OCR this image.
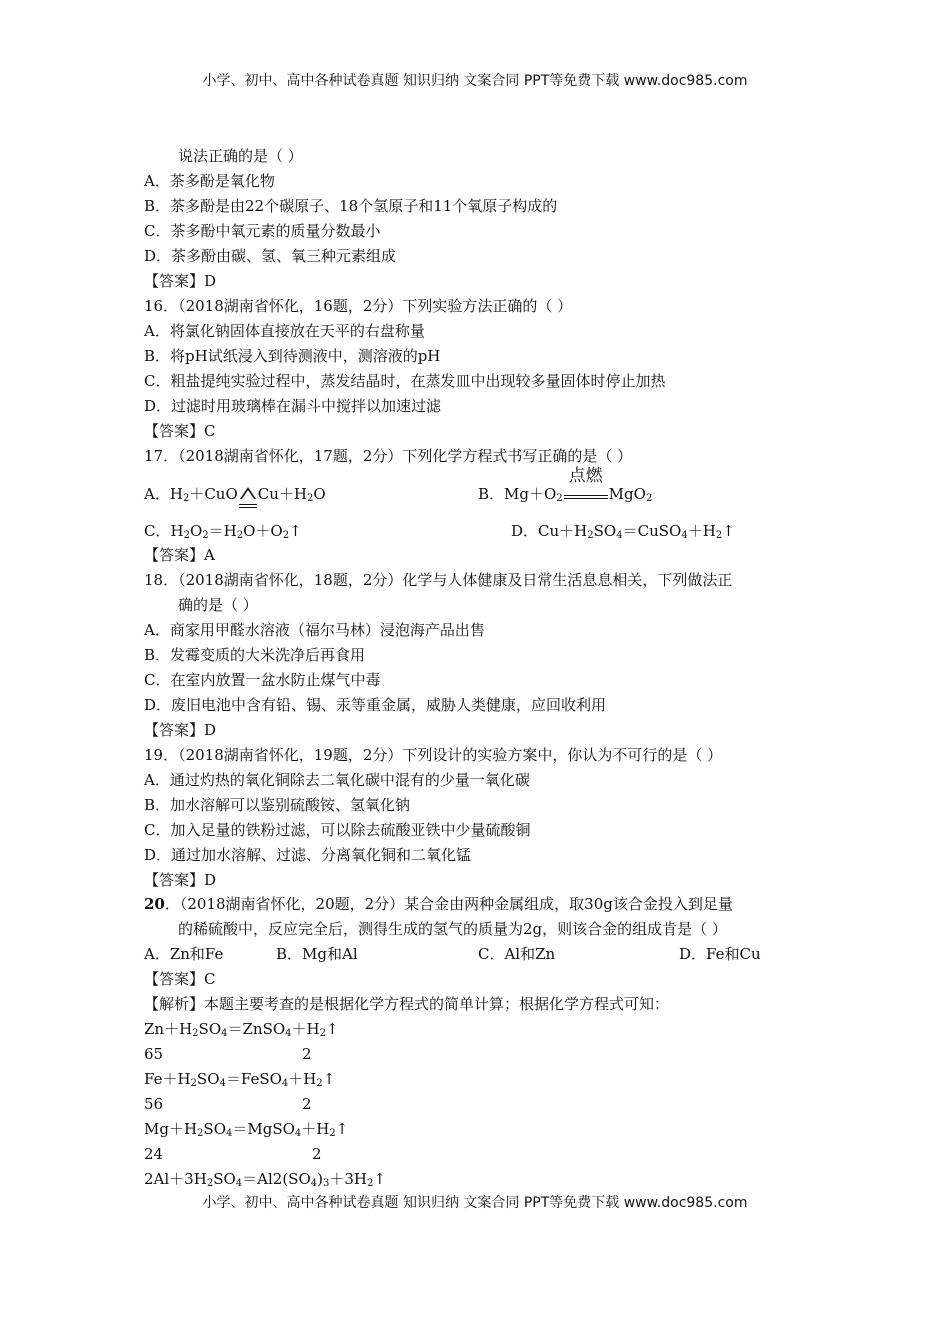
小学、初中、高中各种试卷真题 知识归纳 文案合同 PPT等免费下载 www.doc985.com
说法正确的是（ ）
A．茶多酚是氧化物
B．茶多酚是由22个碳原子、18个氢原子和11个氧原子构成的
C．茶多酚中氧元素的质量分数最小
D．茶多酚由碳、氢、氧三种元素组成
【答案】D
16．（2018湖南省怀化，16题，2分）下列实验方法正确的（ ）
A．将氯化钠固体直接放在天平的右盘称量
B．将pH试纸浸入到待测液中，测溶液的pH
C．粗盐提纯实验过程中，蒸发结晶时，在蒸发皿中出现较多量固体时停止加热
D．过滤时用玻璃棒在漏斗中搅拌以加速过滤
【答案】C
17．（2018湖南省怀化，17题，2分）下列化学方程式书写正确的是（ ）
A．$H_2+CuO$ $Cu+H_2O$	B．$Mg+O_2$
点燃
MgO$_2$
C．$H_2O_2=H_2O+O_2↑$	D．$Cu+H_2SO_4=CuSO_4+H_2↑$
【答案】A
18．（2018湖南省怀化，18题，2分）化学与人体健康及日常生活息息相关，下列做法正
确的是（ ）
A．商家用甲醛水溶液（福尔马林）浸泡海产品出售
B．发霉变质的大米洗净后再食用
C．在室内放置一盆水防止煤气中毒
D．废旧电池中含有铅、锡、汞等重金属，威胁人类健康，应回收利用
【答案】D
19．（2018湖南省怀化，19题，2分）下列设计的实验方案中，你认为不可行的是（ ）
A．通过灼热的氧化铜除去二氧化碳中混有的少量一氧化碳
B．加水溶解可以鉴别硫酸铵、氢氧化钠
C．加入足量的铁粉过滤，可以除去硫酸亚铁中少量硫酸铜
D．通过加水溶解、过滤、分离氧化铜和二氧化锰
【答案】D
20．（2018湖南省怀化，20题，2分）某合金由两种金属组成，取30g该合金投入到足量
的稀硫酸中，反应完全后，测得生成的氢气的质量为2g，则该合金的组成肯是（ ）
A．Zn和Fe	B．Mg和Al	C．Al和Zn	D．Fe和Cu
【答案】C
【解析】本题主要考查的是根据化学方程式的简单计算；根据化学方程式可知：
$Zn+H_2SO_4=ZnSO_4+H_2↑$
65	2
$Fe+H_2SO_4=FeSO_4+H_2↑$
56	2
$Mg+H_2SO_4=MgSO_4+H_2↑$
24	2
$2Al+3H_2SO_4=Al2(SO_4)_3+3H_2↑$
小学、初中、高中各种试卷真题 知识归纳 文案合同 PPT等免费下载 www.doc985.com
